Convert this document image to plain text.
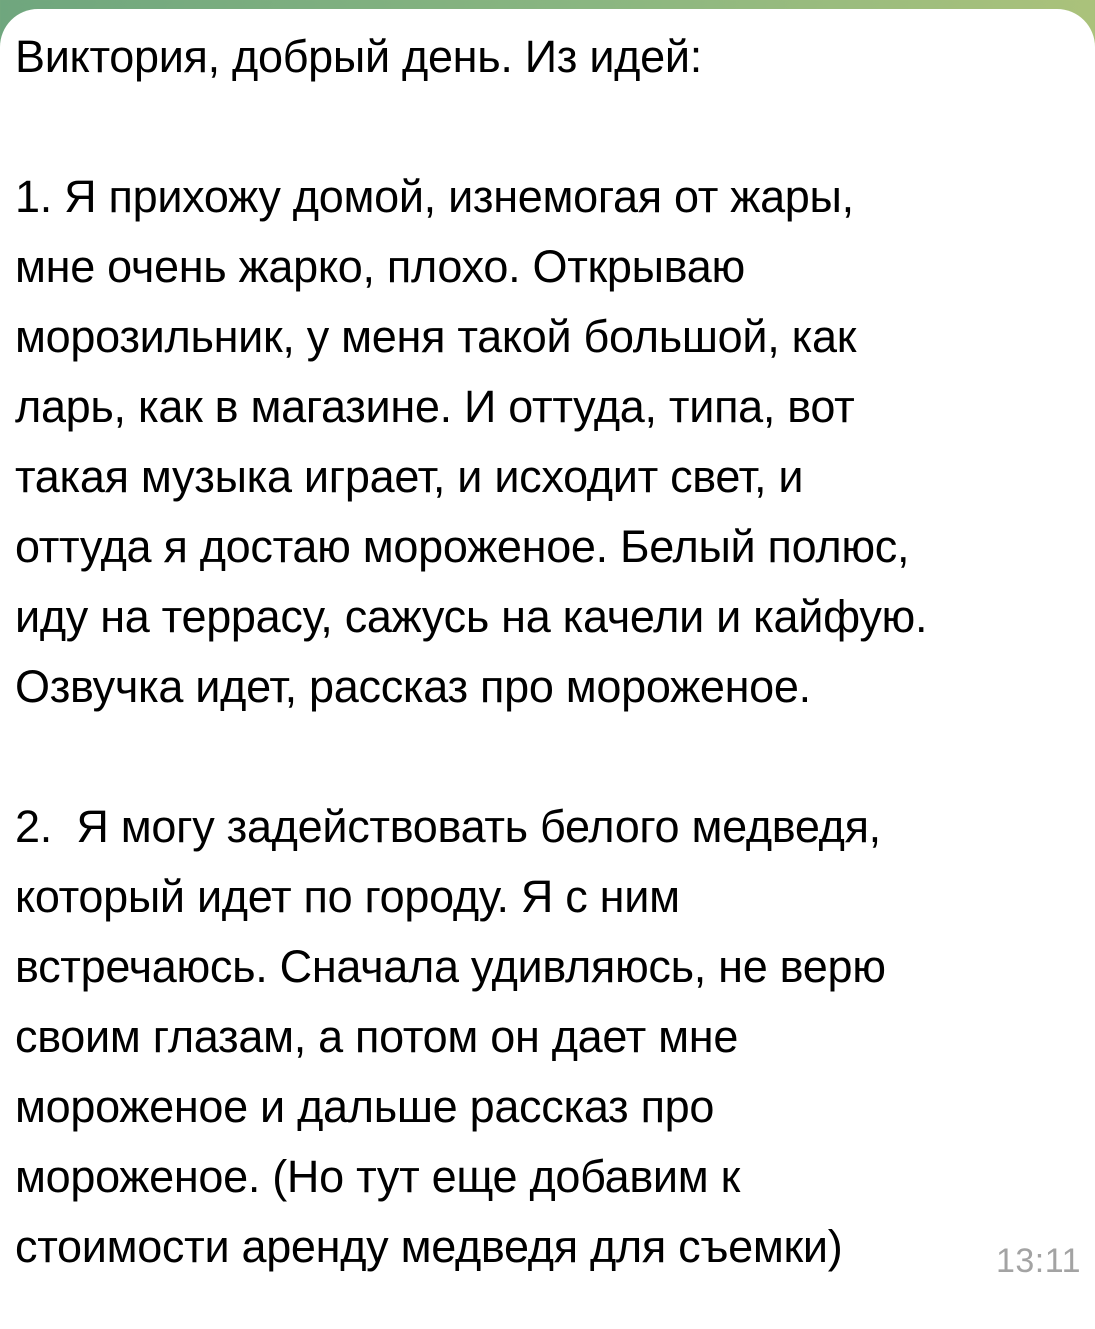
Виктория, добрый день. Из идей:
1. Я прихожу домой, изнемогая от жары,
мне очень жарко, плохо. Открываю
морозильник, у меня такой большой, как
ларь, как в магазине. И оттуда, типа, вот
такая музыка играет, и исходит свет, и
оттуда я достаю мороженое. Белый полюс,
иду на террасу, сажусь на качели и кайфую.
Озвучка идет, рассказ про мороженое.
2.  Я могу задействовать белого медведя,
который идет по городу. Я с ним
встречаюсь. Сначала удивляюсь, не верю
своим глазам, а потом он дает мне
мороженое и дальше рассказ про
мороженое. (Но тут еще добавим к
стоимости аренду медведя для съемки)	13:11
